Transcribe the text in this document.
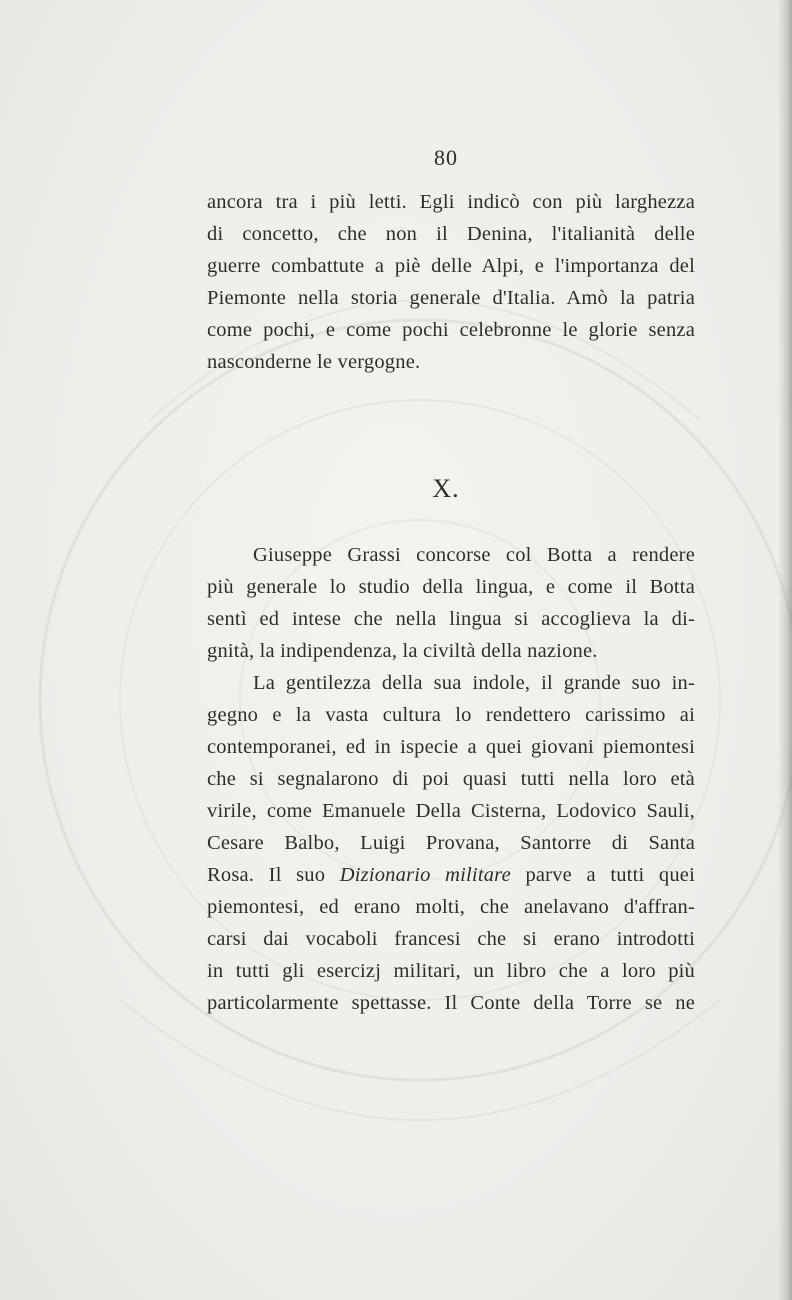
80
ancora tra i più letti. Egli indicò con più larghezza
di concetto, che non il Denina, l'italianità delle
guerre combattute a piè delle Alpi, e l'importanza del
Piemonte nella storia generale d'Italia. Amò la patria
come pochi, e come pochi celebronne le glorie senza
nasconderne le vergogne.
X.
Giuseppe Grassi concorse col Botta a rendere
più generale lo studio della lingua, e come il Botta
sentì ed intese che nella lingua si accoglieva la di-
gnità, la indipendenza, la civiltà della nazione.
La gentilezza della sua indole, il grande suo in-
gegno e la vasta cultura lo rendettero carissimo ai
contemporanei, ed in ispecie a quei giovani piemontesi
che si segnalarono di poi quasi tutti nella loro età
virile, come Emanuele Della Cisterna, Lodovico Sauli,
Cesare Balbo, Luigi Provana, Santorre di Santa
Rosa. Il suo Dizionario militare parve a tutti quei
piemontesi, ed erano molti, che anelavano d'affran-
carsi dai vocaboli francesi che si erano introdotti
in tutti gli esercizj militari, un libro che a loro più
particolarmente spettasse. Il Conte della Torre se ne
